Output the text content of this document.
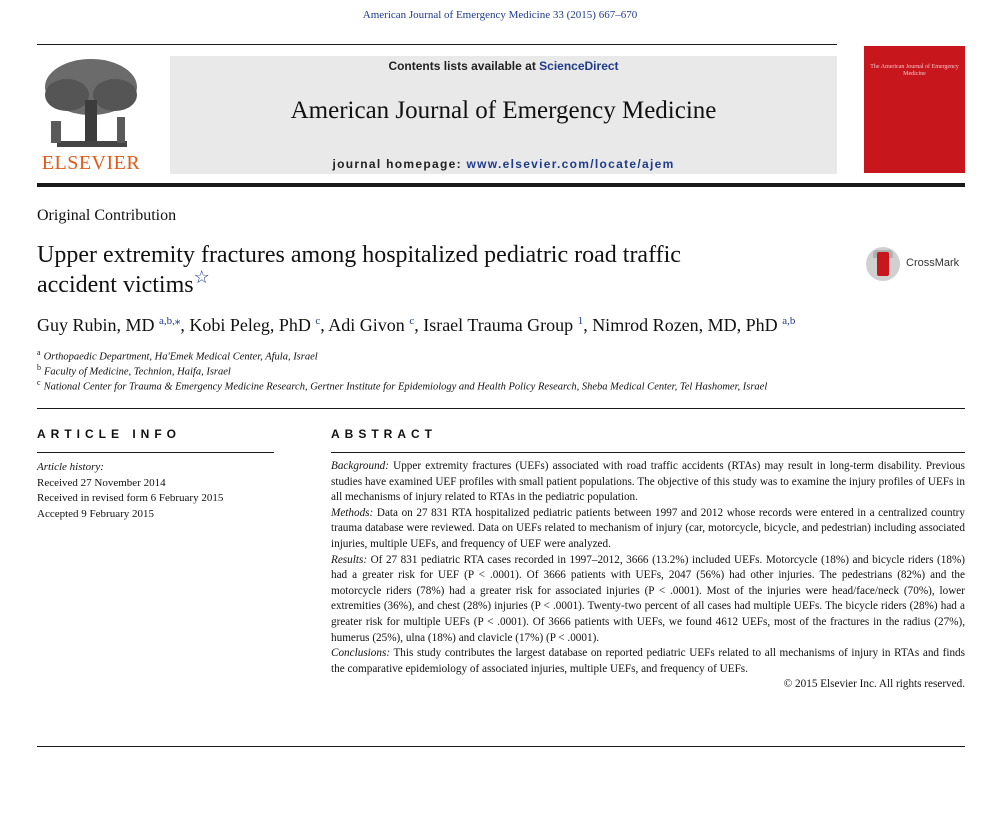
American Journal of Emergency Medicine 33 (2015) 667–670
ELSEVIER
Contents lists available at ScienceDirect
American Journal of Emergency Medicine
journal homepage: www.elsevier.com/locate/ajem
The American Journal of Emergency Medicine
Original Contribution
Upper extremity fractures among hospitalized pediatric road traffic
accident victims☆
CrossMark
Guy Rubin, MD $^{a,b,⁎}$, Kobi Peleg, PhD $^c$, Adi Givon $^c$, Israel Trauma Group $^1$, Nimrod Rozen, MD, PhD $^{a,b}$
$^a$ Orthopaedic Department, Ha'Emek Medical Center, Afula, Israel
$^b$ Faculty of Medicine, Technion, Haifa, Israel
$^c$ National Center for Trauma & Emergency Medicine Research, Gertner Institute for Epidemiology and Health Policy Research, Sheba Medical Center, Tel Hashomer, Israel
ARTICLE INFO
Article history:
Received 27 November 2014
Received in revised form 6 February 2015
Accepted 9 February 2015
ABSTRACT

Background: Upper extremity fractures (UEFs) associated with road traffic accidents (RTAs) may result in long-term disability. Previous studies have examined UEF profiles with small patient populations. The objective of this study was to examine the injury profiles of UEFs in all mechanisms of injury related to RTAs in the pediatric population.

Methods: Data on 27 831 RTA hospitalized pediatric patients between 1997 and 2012 whose records were entered in a centralized country trauma database were reviewed. Data on UEFs related to mechanism of injury (car, motorcycle, bicycle, and pedestrian) including associated injuries, multiple UEFs, and frequency of UEF were analyzed.

Results: Of 27 831 pediatric RTA cases recorded in 1997–2012, 3666 (13.2%) included UEFs. Motorcycle (18%) and bicycle riders (18%) had a greater risk for UEF (P < .0001). Of 3666 patients with UEFs, 2047 (56%) had other injuries. The pedestrians (82%) and the motorcycle riders (78%) had a greater risk for associated injuries (P < .0001). Most of the injuries were head/face/neck (70%), lower extremities (36%), and chest (28%) injuries (P < .0001). Twenty-two percent of all cases had multiple UEFs. The bicycle riders (28%) had a greater risk for multiple UEFs (P < .0001). Of 3666 patients with UEFs, we found 4612 UEFs, most of the fractures in the radius (27%), humerus (25%), ulna (18%) and clavicle (17%) (P < .0001).

Conclusions: This study contributes the largest database on reported pediatric UEFs related to all mechanisms of injury in RTAs and finds the comparative epidemiology of associated injuries, multiple UEFs, and frequency of UEFs.

© 2015 Elsevier Inc. All rights reserved.
